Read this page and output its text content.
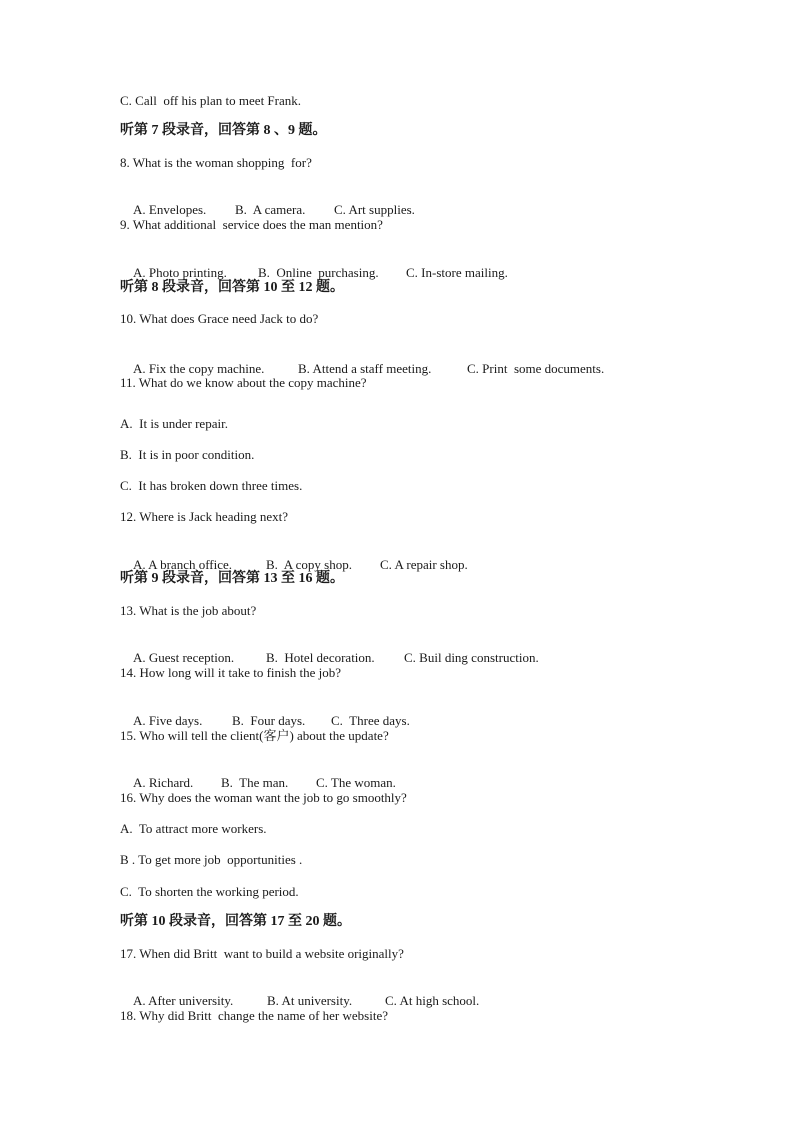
C. Call  off his plan to meet Frank.
听第 7 段录音，回答第 8 、9 题。
8. What is the woman shopping  for?

A. Envelopes. B.  A camera. C. Art supplies.

9. What additional  service does the man mention?

A. Photo printing. B.  Online  purchasing. C. In-store mailing.

听第 8 段录音，回答第 10 至 12 题。
10. What does Grace need Jack to do?

A. Fix the copy machine.	B. Attend a staff meeting.	C. Print  some documents.

11. What do we know about the copy machine?
A.  It is under repair.
B.  It is in poor condition.
C.  It has broken down three times.
12. Where is Jack heading next?

A. A branch office.	B.  A copy shop. C. A repair shop.

听第 9 段录音，回答第 13 至 16 题。
13. What is the job about?

A. Guest reception. B.  Hotel decoration. C. Buil ding construction.

14. How long will it take to finish the job?

A. Five days. B.  Four days. C.  Three days.

15. Who will tell the client(客户) about the update?

A. Richard. B.  The man. C. The woman.

16. Why does the woman want the job to go smoothly?
A.  To attract more workers.
B . To get more job  opportunities .
C.  To shorten the working period.
听第 10 段录音，回答第 17 至 20 题。
17. When did Britt  want to build a website originally?

A. After university.	B. At university.	C. At high school.

18. Why did Britt  change the name of her website?
